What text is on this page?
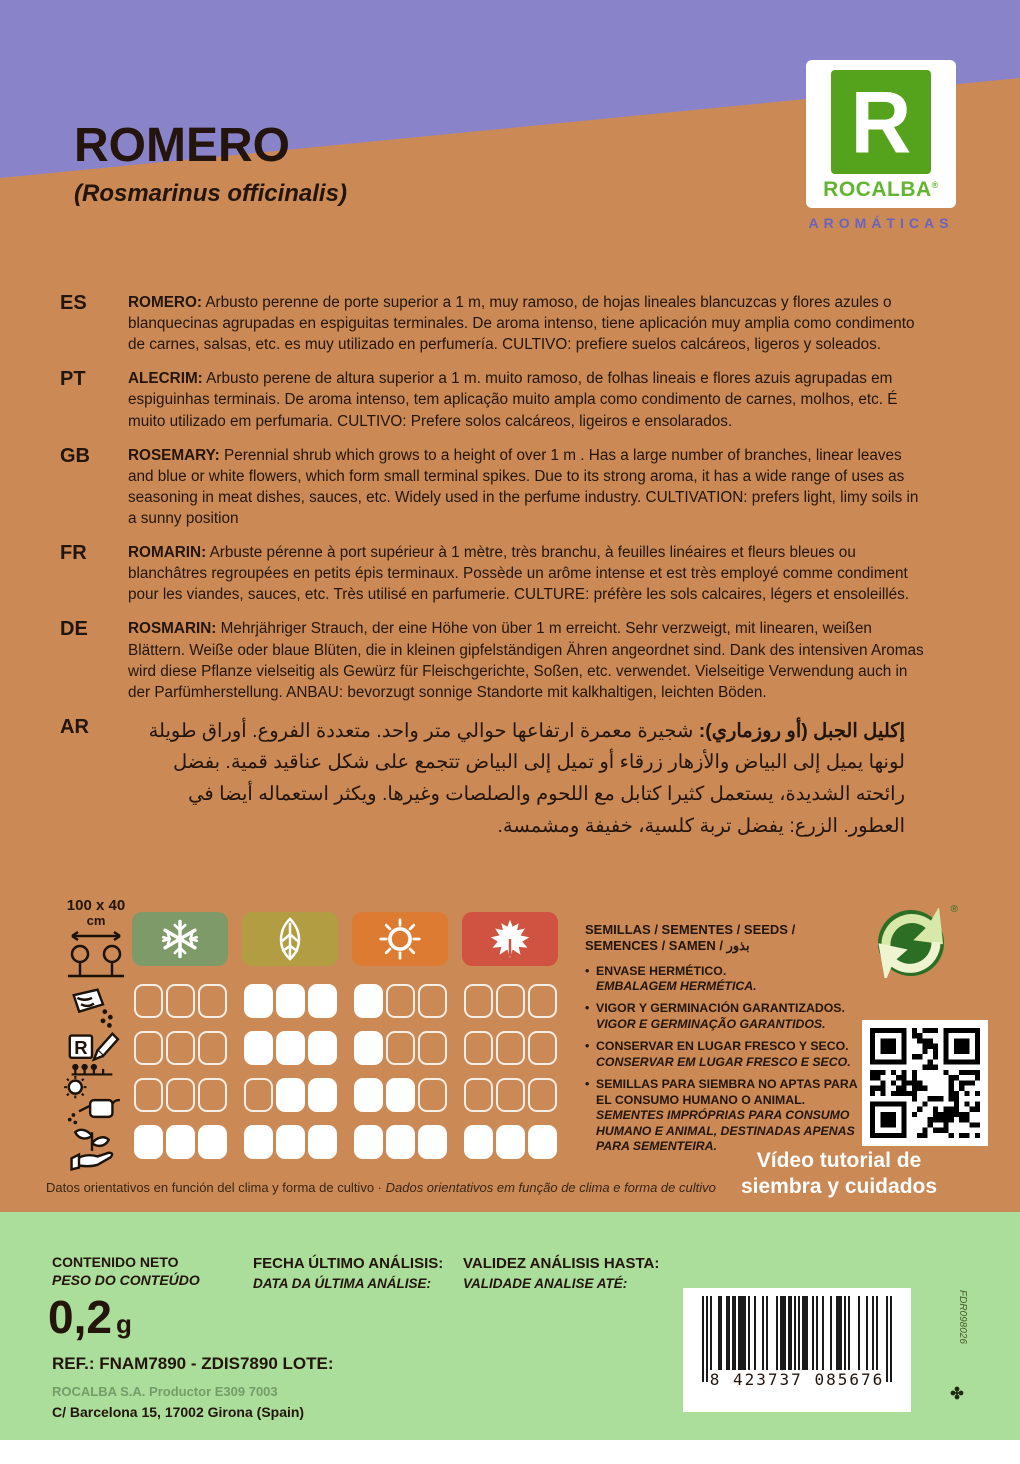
R
ROCALBA®
AROMÁTICAS
ROMERO
(Rosmarinus officinalis)
ES	ROMERO: Arbusto perenne de porte superior a 1 m, muy ramoso, de hojas lineales blancuzcas y flores azules o blanquecinas agrupadas en espiguitas terminales. De aroma intenso, tiene aplicación muy amplia como condimento de carnes, salsas, etc. es muy utilizado en perfumería. CULTIVO: prefiere suelos calcáreos, ligeros y soleados.

PT	ALECRIM: Arbusto perene de altura superior a 1 m. muito ramoso, de folhas lineais e flores azuis agrupadas em espiguinhas terminais. De aroma intenso, tem aplicação muito ampla como condimento de carnes, molhos, etc. É muito utilizado em perfumaria. CULTIVO: Prefere solos calcáreos, ligeiros e ensolarados.

GB ROSEMARY: Perennial shrub which grows to a height of over 1 m . Has a large number of branches, linear leaves and blue or white flowers, which form small terminal spikes. Due to its strong aroma, it has a wide range of uses as seasoning in meat dishes, sauces, etc. Widely used in the perfume industry. CULTIVATION: prefers light, limy soils in a sunny position

FR	ROMARIN: Arbuste pérenne à port supérieur à 1 mètre, très branchu, à feuilles linéaires et fleurs bleues ou blanchâtres regroupées en petits épis terminaux. Possède un arôme intense et est très employé comme condiment pour les viandes, sauces, etc. Très utilisé en parfumerie. CULTURE: préfère les sols calcaires, légers et ensoleillés.

DE	ROSMARIN: Mehrjähriger Strauch, der eine Höhe von über 1 m erreicht. Sehr verzweigt, mit linearen, weißen Blättern. Weiße oder blaue Blüten, die in kleinen gipfelständigen Ähren angeordnet sind. Dank des intensiven Aromas wird diese Pflanze vielseitig als Gewürz für Fleischgerichte, Soßen, etc. verwendet. Vielseitige Verwendung auch in der Parfümherstellung. ANBAU: bevorzugt sonnige Standorte mit kalkhaltigen, leichten Böden.

AR	إكليل الجبل (أو روزماري): شجيرة معمرة ارتفاعها حوالي متر واحد. متعددة الفروع. أوراق طويلة لونها يميل إلى البياض والأزهار زرقاء أو تميل إلى البياض تتجمع على شكل عناقيد قمية. بفضل رائحته الشديدة، يستعمل كثيرا كتابل مع اللحوم والصلصات وغيرها. ويكثر استعماله أيضا في العطور. الزرع: يفضل تربة كلسية، خفيفة ومشمسة.

100 x 40
cm
R
SEMILLAS / SEMENTES / SEEDS /
SEMENCES / SAMEN / بذور
• ENVASE HERMÉTICO.
EMBALAGEM HERMÉTICA.
• VIGOR Y GERMINACIÓN GARANTIZADOS.
VIGOR E GERMINAÇÃO GARANTIDOS.
• CONSERVAR EN LUGAR FRESCO Y SECO.
CONSERVAR EM LUGAR FRESCO E SECO.
• SEMILLAS PARA SIEMBRA NO APTAS PARA EL CONSUMO HUMANO O ANIMAL.
SEMENTES IMPRÓPRIAS PARA CONSUMO HUMANO E ANIMAL, DESTINADAS APENAS PARA SEMENTEIRA.
®
Vídeo tutorial de
siembra y cuidados
Datos orientativos en función del clima y forma de cultivo · Dados orientativos em função de clima e forma de cultivo
CONTENIDO NETO
PESO DO CONTEÚDO
0,2 g
REF.: FNAM7890 - ZDIS7890 LOTE:
ROCALBA S.A. Productor E309 7003
C/ Barcelona 15, 17002 Girona (Spain)
FECHA ÚLTIMO ANÁLISIS:
DATA DA ÚLTIMA ANÁLISE:
VALIDEZ ANÁLISIS HASTA:
VALIDADE ANALISE ATÉ:
8 423737 085676
FDR098026
